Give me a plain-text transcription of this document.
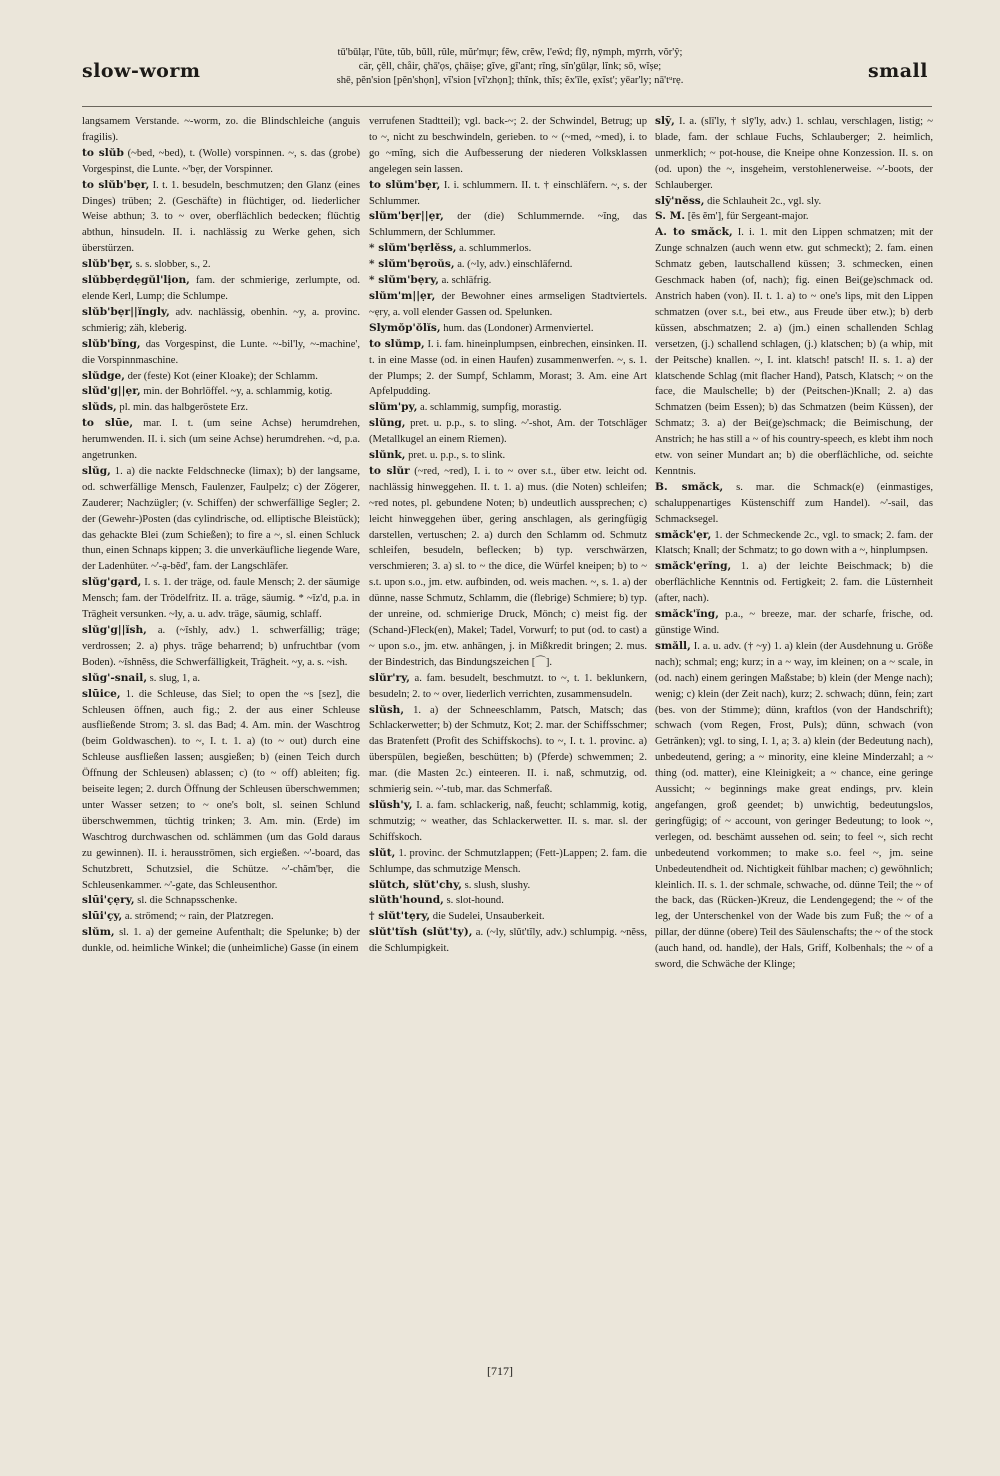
slow-worm
tū'būlạr, l'ūte, tŭb, bŭll, rûle, mŭr'mụr; fĕw, crĕw, l'eŵd; flȳ, nȳmph, mȳrrh, vŏr'ŷ;
cär, çĕll, chåir, çhā'ọs, çhāiṣe; gĭve, gĭ'ant; rĭng, sĭn'gūlạr, lĭnk; sō, wĭṣe;
shē, pĕn'sion [pĕn'shọn], vĭ'sion [vĭ'zhọn]; thĭnk, thĭs; ĕx'īle, ẹxĭst'; yēar'ly; nā'tᵘrẹ.	small

langsamem Verstande. ~-worm, zo. die Blindschleiche (anguis fragilis).

to slŭb (~bed, ~bed), t. (Wolle) vorspinnen. ~, s. das (grobe) Vorgespinst, die Lunte. ~'bẹr, der Vorspinner.

to slŭb'bẹr, I. t. 1. besudeln, beschmutzen; den Glanz (eines Dinges) trüben; 2. (Geschäfte) in flüchtiger, od. liederlicher Weise abthun; 3. to ~ over, oberflächlich bedecken; flüchtig abthun, hinsudeln. II. i. nachlässig zu Werke gehen, sich überstürzen.

slŭb'bẹr, s. s. slobber, s., 2.

slŭbbẹrdẹgŭl'lịon, fam. der schmierige, zerlumpte, od. elende Kerl, Lump; die Schlumpe.

slŭb'bẹr||ĭngly, adv. nachlässig, obenhin. ~y, a. provinc. schmierig; zäh, kleberig.

slŭb'bĭng, das Vorgespinst, die Lunte. ~-bil'ly, ~-machine', die Vorspinnmaschine.

slŭdge, der (feste) Kot (einer Kloake); der Schlamm.

slŭd'g||ẹr, min. der Bohrlöffel. ~y, a. schlammig, kotig.

slŭds, pl. min. das halbgeröstete Erz.

to slūe, mar. I. t. (um seine Achse) herumdrehen, herumwenden. II. i. sich (um seine Achse) herumdrehen. ~d, p.a. angetrunken.

slŭg, 1. a) die nackte Feldschnecke (limax); b) der langsame, od. schwerfällige Mensch, Faulenzer, Faulpelz; c) der Zögerer, Zauderer; Nachzügler; (v. Schiffen) der schwerfällige Segler; 2. der (Gewehr-)Posten (das cylindrische, od. elliptische Bleistück); das gehackte Blei (zum Schießen); to fire a ~, sl. einen Schluck thun, einen Schnaps kippen; 3. die unverkäufliche liegende Ware, der Ladenhüter. ~'-ạ-bĕd', fam. der Langschläfer.

slŭg'gạrd, I. s. 1. der träge, od. faule Mensch; 2. der säumige Mensch; fam. der Trödelfritz. II. a. träge, säumig. * ~ĭz'd, p.a. in Trägheit versunken. ~ly, a. u. adv. träge, säumig, schlaff.

slŭg'g||ĭsh, a. (~ĭshly, adv.) 1. schwerfällig; träge; verdrossen; 2. a) phys. träge beharrend; b) unfruchtbar (vom Boden). ~ĭshnĕss, die Schwerfälligkeit, Trägheit. ~y, a. s. ~ish.

slŭg'-snail, s. slug, 1, a.

slūice, 1. die Schleuse, das Siel; to open the ~s [sez], die Schleusen öffnen, auch fig.; 2. der aus einer Schleuse ausfließende Strom; 3. sl. das Bad; 4. Am. min. der Waschtrog (beim Goldwaschen). to ~, I. t. 1. a) (to ~ out) durch eine Schleuse ausfließen lassen; ausgießen; b) (einen Teich durch Öffnung der Schleusen) ablassen; c) (to ~ off) ableiten; fig. beiseite legen; 2. durch Öffnung der Schleusen überschwemmen; unter Wasser setzen; to ~ one's bolt, sl. seinen Schlund überschwemmen, tüchtig trinken; 3. Am. min. (Erde) im Waschtrog durchwaschen od. schlämmen (um das Gold daraus zu gewinnen). II. i. herausströmen, sich ergießen. ~'-board, das Schutzbrett, Schutzsiel, die Schütze. ~'-chăm'bẹr, die Schleusenkammer. ~'-gate, das Schleusenthor.

slūi'çẹry, sl. die Schnapsschenke.

slūi'çy, a. strömend; ~ rain, der Platzregen.

slŭm, sl. 1. a) der gemeine Aufenthalt; die Spelunke; b) der dunkle, od. heimliche Winkel; die (unheimliche) Gasse (in einem

verrufenen Stadtteil); vgl. back-~; 2. der Schwindel, Betrug; up to ~, nicht zu beschwindeln, gerieben. to ~ (~med, ~med), i. to go ~mĭng, sich die Aufbesserung der niederen Volksklassen angelegen sein lassen.

to slŭm'bẹr, I. i. schlummern. II. t. † einschläfern. ~, s. der Schlummer.

slŭm'bẹr||ẹr, der (die) Schlummernde. ~ĭng, das Schlummern, der Schlummer.

* slŭm'bẹrlĕss, a. schlummerlos.

* slŭm'bẹroŭs, a. (~ly, adv.) einschläfernd.

* slŭm'bẹry, a. schläfrig.

slŭm'm||ẹr, der Bewohner eines armseligen Stadtviertels. ~ẹry, a. voll elender Gassen od. Spelunken.

Slymŏp'ŏlĭs, hum. das (Londoner) Armenviertel.

to slŭmp, I. i. fam. hineinplumpsen, einbrechen, einsinken. II. t. in eine Masse (od. in einen Haufen) zusammenwerfen. ~, s. 1. der Plumps; 2. der Sumpf, Schlamm, Morast; 3. Am. eine Art Apfelpudding.

slŭm'py, a. schlammig, sumpfig, morastig.

slŭng, pret. u. p.p., s. to sling. ~'-shot, Am. der Totschläger (Metallkugel an einem Riemen).

slŭnk, pret. u. p.p., s. to slink.

to slŭr (~red, ~red), I. i. to ~ over s.t., über etw. leicht od. nachlässig hinweggehen. II. t. 1. a) mus. (die Noten) schleifen; ~red notes, pl. gebundene Noten; b) undeutlich aussprechen; c) leicht hinweggehen über, gering anschlagen, als geringfügig darstellen, vertuschen; 2. a) durch den Schlamm od. Schmutz schleifen, besudeln, beflecken; b) typ. verschwärzen, verschmieren; 3. a) sl. to ~ the dice, die Würfel kneipen; b) to ~ s.t. upon s.o., jm. etw. aufbinden, od. weis machen. ~, s. 1. a) der dünne, nasse Schmutz, Schlamm, die (flebrige) Schmiere; b) typ. der unreine, od. schmierige Druck, Mönch; c) meist fig. der (Schand-)Fleck(en), Makel; Tadel, Vorwurf; to put (od. to cast) a ~ upon s.o., jm. etw. anhängen, j. in Mißkredit bringen; 2. mus. der Bindestrich, das Bindungszeichen [⌒].

slŭr'ry, a. fam. besudelt, beschmutzt. to ~, t. 1. beklunkern, besudeln; 2. to ~ over, liederlich verrichten, zusammensudeln.

slŭsh, 1. a) der Schneeschlamm, Patsch, Matsch; das Schlackerwetter; b) der Schmutz, Kot; 2. mar. der Schiffsschmer; das Bratenfett (Profit des Schiffskochs). to ~, I. t. 1. provinc. a) überspülen, begießen, beschütten; b) (Pferde) schwemmen; 2. mar. (die Masten 2c.) einteeren. II. i. naß, schmutzig, od. schmierig sein. ~'-tub, mar. das Schmerfaß.

slŭsh'y, I. a. fam. schlackerig, naß, feucht; schlammig, kotig, schmutzig; ~ weather, das Schlackerwetter. II. s. mar. sl. der Schiffskoch.

slŭt, 1. provinc. der Schmutzlappen; (Fett-)Lappen; 2. fam. die Schlumpe, das schmutzige Mensch.

slŭtch, slŭt'chy, s. slush, slushy.

slŭth'hound, s. slot-hound.

† slŭt'tẹry, die Sudelei, Unsauberkeit.

slŭt'tĭsh (slŭt'ty), a. (~ly, slŭt'tĭly, adv.) schlumpig. ~nĕss, die Schlumpigkeit.

slȳ, I. a. (slī'ly, † slȳ'ly, adv.) 1. schlau, verschlagen, listig; ~ blade, fam. der schlaue Fuchs, Schlauberger; 2. heimlich, unmerklich; ~ pot-house, die Kneipe ohne Konzession. II. s. on (od. upon) the ~, insgeheim, verstohlenerweise. ~'-boots, der Schlauberger.

slȳ'nĕss, die Schlauheit 2c., vgl. sly.

S. M. [ĕs ĕm'], für Sergeant-major.

A. to smăck, I. i. 1. mit den Lippen schmatzen; mit der Zunge schnalzen (auch wenn etw. gut schmeckt); 2. fam. einen Schmatz geben, lautschallend küssen; 3. schmecken, einen Geschmack haben (of, nach); fig. einen Bei(ge)schmack od. Anstrich haben (von). II. t. 1. a) to ~ one's lips, mit den Lippen schmatzen (over s.t., bei etw., aus Freude über etw.); b) derb küssen, abschmatzen; 2. a) (jm.) einen schallenden Schlag versetzen, (j.) schallend schlagen, (j.) klatschen; b) (a whip, mit der Peitsche) knallen. ~, I. int. klatsch! patsch! II. s. 1. a) der klatschende Schlag (mit flacher Hand), Patsch, Klatsch; ~ on the face, die Maulschelle; b) der (Peitschen-)Knall; 2. a) das Schmatzen (beim Essen); b) das Schmatzen (beim Küssen), der Schmatz; 3. a) der Bei(ge)schmack; die Beimischung, der Anstrich; he has still a ~ of his country-speech, es klebt ihm noch etw. von seiner Mundart an; b) die oberflächliche, od. seichte Kenntnis.

B. smăck, s. mar. die Schmack(e) (einmastiges, schaluppenartiges Küstenschiff zum Handel). ~'-sail, das Schmacksegel.

smăck'ẹr, 1. der Schmeckende 2c., vgl. to smack; 2. fam. der Klatsch; Knall; der Schmatz; to go down with a ~, hinplumpsen.

smăck'ẹrĭng, 1. a) der leichte Beischmack; b) die oberflächliche Kenntnis od. Fertigkeit; 2. fam. die Lüsternheit (after, nach).

smăck'ĭng, p.a., ~ breeze, mar. der scharfe, frische, od. günstige Wind.

smăll, I. a. u. adv. († ~y) 1. a) klein (der Ausdehnung u. Größe nach); schmal; eng; kurz; in a ~ way, im kleinen; on a ~ scale, in (od. nach) einem geringen Maßstabe; b) klein (der Menge nach); wenig; c) klein (der Zeit nach), kurz; 2. schwach; dünn, fein; zart (bes. von der Stimme); dünn, kraftlos (von der Handschrift); schwach (vom Regen, Frost, Puls); dünn, schwach (von Getränken); vgl. to sing, I. 1, a; 3. a) klein (der Bedeutung nach), unbedeutend, gering; a ~ minority, eine kleine Minderzahl; a ~ thing (od. matter), eine Kleinigkeit; a ~ chance, eine geringe Aussicht; ~ beginnings make great endings, prv. klein angefangen, groß geendet; b) unwichtig, bedeutungslos, geringfügig; of ~ account, von geringer Bedeutung; to look ~, verlegen, od. beschämt aussehen od. sein; to feel ~, sich recht unbedeutend vorkommen; to make s.o. feel ~, jm. seine Unbedeutendheit od. Nichtigkeit fühlbar machen; c) gewöhnlich; kleinlich. II. s. 1. der schmale, schwache, od. dünne Teil; the ~ of the back, das (Rücken-)Kreuz, die Lendengegend; the ~ of the leg, der Unterschenkel von der Wade bis zum Fuß; the ~ of a pillar, der dünne (obere) Teil des Säulenschafts; the ~ of the stock (auch hand, od. handle), der Hals, Griff, Kolbenhals; the ~ of a sword, die Schwäche der Klinge;

[717]
